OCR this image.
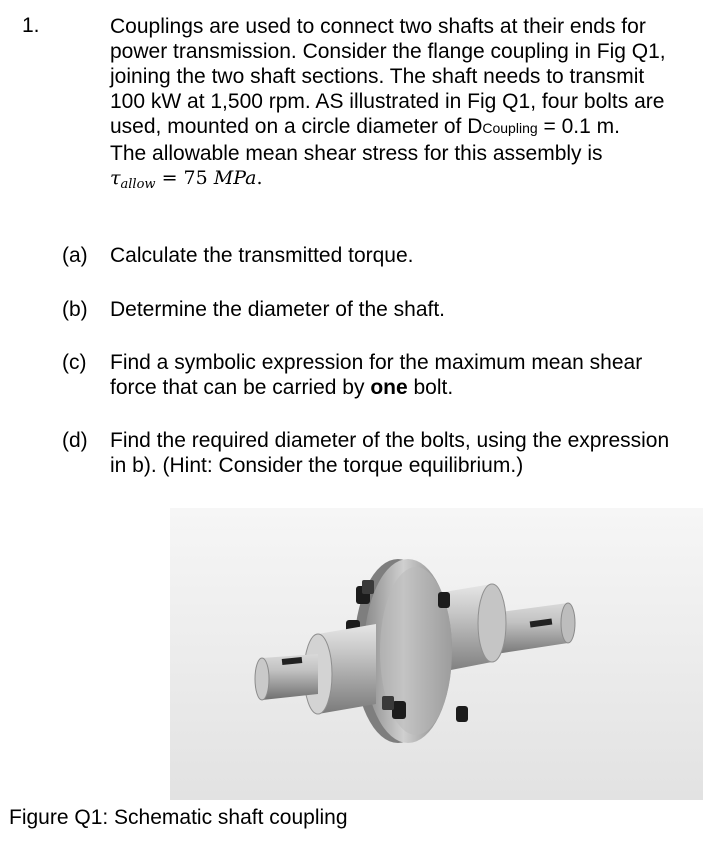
1.	Couplings are used to connect two shafts at their ends for
power transmission. Consider the flange coupling in Fig Q1,
joining the two shaft sections. The shaft needs to transmit
100 kW at 1,500 rpm. AS illustrated in Fig Q1, four bolts are
used, mounted on a circle diameter of DCoupling = 0.1 m.
The allowable mean shear stress for this assembly is
$\tau_{allow} = 75$ MPa.
(a)	Calculate the transmitted torque.
(b)	Determine the diameter of the shaft.
(c)	Find a symbolic expression for the maximum mean shear
force that can be carried by one bolt.
(d)	Find the required diameter of the bolts, using the expression
in b). (Hint: Consider the torque equilibrium.)
Figure Q1: Schematic shaft coupling
